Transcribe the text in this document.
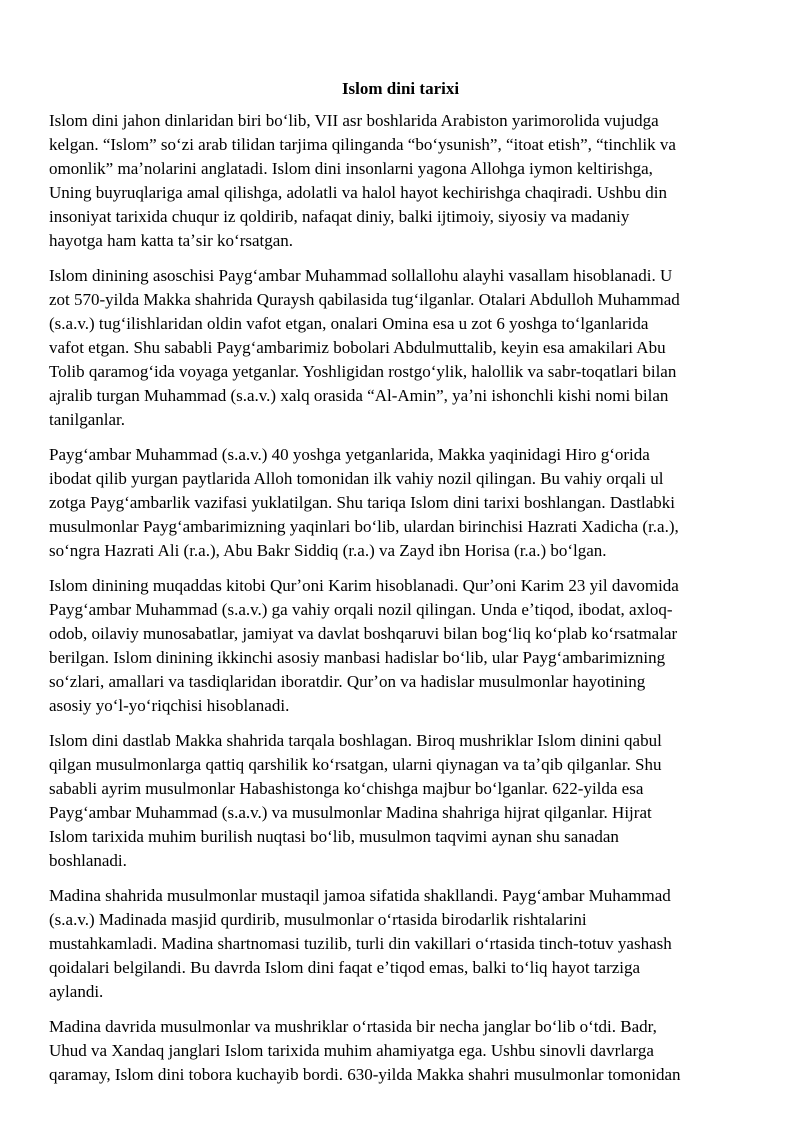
Islom dini tarixi
Islom dini jahon dinlaridan biri boʻlib, VII asr boshlarida Arabiston yarimorolida vujudga
kelgan. “Islom” soʻzi arab tilidan tarjima qilinganda “boʻysunish”, “itoat etish”, “tinchlik va
omonlik” maʼnolarini anglatadi. Islom dini insonlarni yagona Allohga iymon keltirishga,
Uning buyruqlariga amal qilishga, adolatli va halol hayot kechirishga chaqiradi. Ushbu din
insoniyat tarixida chuqur iz qoldirib, nafaqat diniy, balki ijtimoiy, siyosiy va madaniy
hayotga ham katta taʼsir koʻrsatgan.
Islom dinining asoschisi Paygʻambar Muhammad sollallohu alayhi vasallam hisoblanadi. U
zot 570-yilda Makka shahrida Quraysh qabilasida tugʻilganlar. Otalari Abdulloh Muhammad
(s.a.v.) tugʻilishlaridan oldin vafot etgan, onalari Omina esa u zot 6 yoshga toʻlganlarida
vafot etgan. Shu sababli Paygʻambarimiz bobolari Abdulmuttalib, keyin esa amakilari Abu
Tolib qaramogʻida voyaga yetganlar. Yoshligidan rostgoʻylik, halollik va sabr-toqatlari bilan
ajralib turgan Muhammad (s.a.v.) xalq orasida “Al-Amin”, yaʼni ishonchli kishi nomi bilan
tanilganlar.
Paygʻambar Muhammad (s.a.v.) 40 yoshga yetganlarida, Makka yaqinidagi Hiro gʻorida
ibodat qilib yurgan paytlarida Alloh tomonidan ilk vahiy nozil qilingan. Bu vahiy orqali ul
zotga Paygʻambarlik vazifasi yuklatilgan. Shu tariqa Islom dini tarixi boshlangan. Dastlabki
musulmonlar Paygʻambarimizning yaqinlari boʻlib, ulardan birinchisi Hazrati Xadicha (r.a.),
soʻngra Hazrati Ali (r.a.), Abu Bakr Siddiq (r.a.) va Zayd ibn Horisa (r.a.) boʻlgan.
Islom dinining muqaddas kitobi Qurʼoni Karim hisoblanadi. Qurʼoni Karim 23 yil davomida
Paygʻambar Muhammad (s.a.v.) ga vahiy orqali nozil qilingan. Unda eʼtiqod, ibodat, axloq-
odob, oilaviy munosabatlar, jamiyat va davlat boshqaruvi bilan bogʻliq koʻplab koʻrsatmalar
berilgan. Islom dinining ikkinchi asosiy manbasi hadislar boʻlib, ular Paygʻambarimizning
soʻzlari, amallari va tasdiqlaridan iboratdir. Qurʼon va hadislar musulmonlar hayotining
asosiy yoʻl-yoʻriqchisi hisoblanadi.
Islom dini dastlab Makka shahrida tarqala boshlagan. Biroq mushriklar Islom dinini qabul
qilgan musulmonlarga qattiq qarshilik koʻrsatgan, ularni qiynagan va taʼqib qilganlar. Shu
sababli ayrim musulmonlar Habashistonga koʻchishga majbur boʻlganlar. 622-yilda esa
Paygʻambar Muhammad (s.a.v.) va musulmonlar Madina shahriga hijrat qilganlar. Hijrat
Islom tarixida muhim burilish nuqtasi boʻlib, musulmon taqvimi aynan shu sanadan
boshlanadi.
Madina shahrida musulmonlar mustaqil jamoa sifatida shakllandi. Paygʻambar Muhammad
(s.a.v.) Madinada masjid qurdirib, musulmonlar oʻrtasida birodarlik rishtalarini
mustahkamladi. Madina shartnomasi tuzilib, turli din vakillari oʻrtasida tinch-totuv yashash
qoidalari belgilandi. Bu davrda Islom dini faqat eʼtiqod emas, balki toʻliq hayot tarziga
aylandi.
Madina davrida musulmonlar va mushriklar oʻrtasida bir necha janglar boʻlib oʻtdi. Badr,
Uhud va Xandaq janglari Islom tarixida muhim ahamiyatga ega. Ushbu sinovli davrlarga
qaramay, Islom dini tobora kuchayib bordi. 630-yilda Makka shahri musulmonlar tomonidan
